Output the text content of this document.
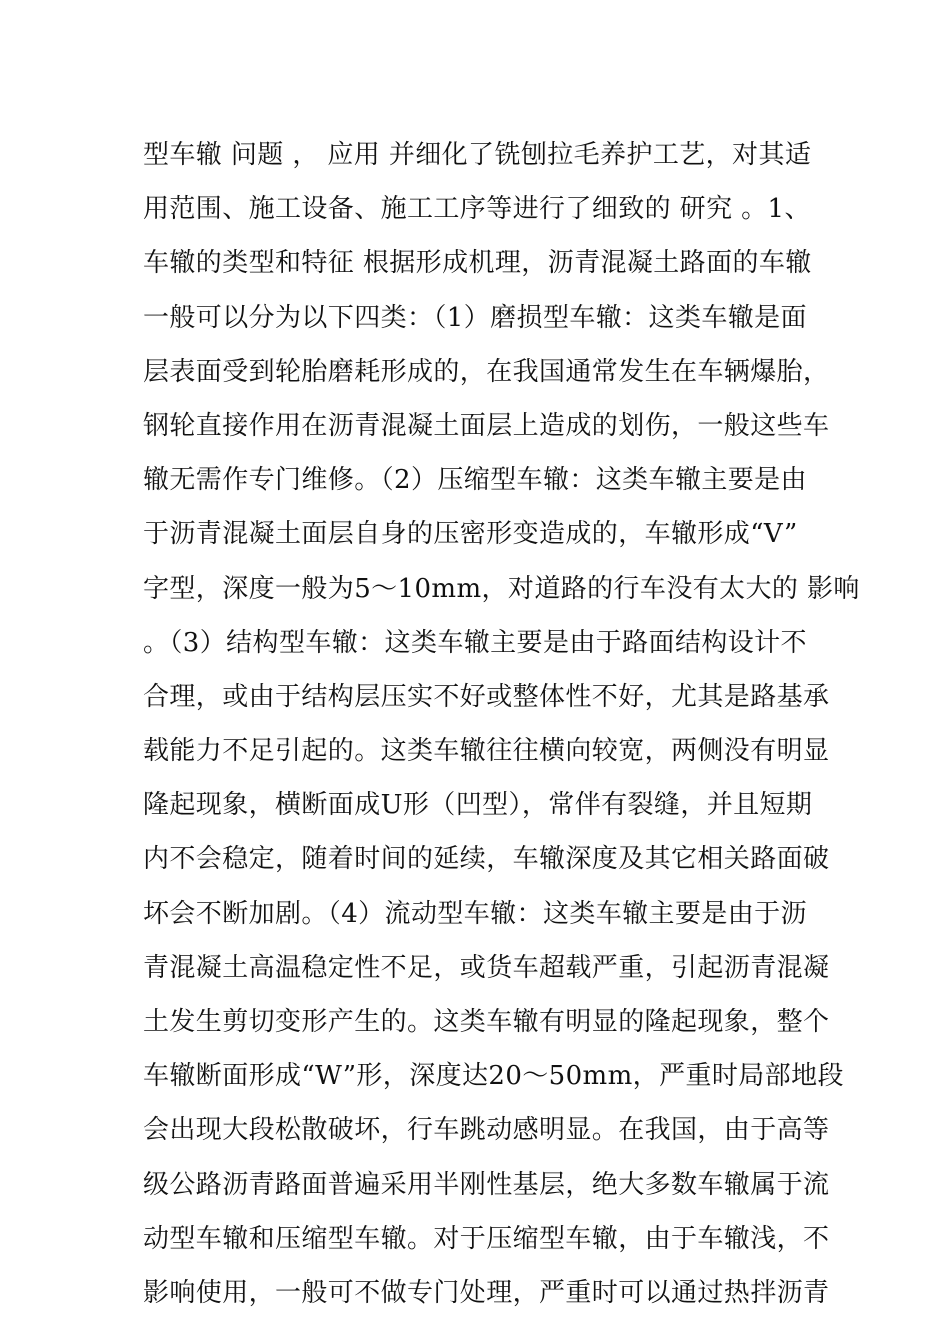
型车辙 问题 ， 应用 并细化了铣刨拉毛养护工艺，对其适
用范围、施工设备、施工工序等进行了细致的 研究 。1、
车辙的类型和特征 根据形成机理，沥青混凝土路面的车辙
一般可以分为以下四类：（1）磨损型车辙：这类车辙是面
层表面受到轮胎磨耗形成的，在我国通常发生在车辆爆胎，
钢轮直接作用在沥青混凝土面层上造成的划伤，一般这些车
辙无需作专门维修。（2）压缩型车辙：这类车辙主要是由
于沥青混凝土面层自身的压密形变造成的，车辙形成“V”
字型，深度一般为5～10mm，对道路的行车没有太大的 影响
。（3）结构型车辙：这类车辙主要是由于路面结构设计不
合理，或由于结构层压实不好或整体性不好，尤其是路基承
载能力不足引起的。这类车辙往往横向较宽，两侧没有明显
隆起现象，横断面成U形（凹型），常伴有裂缝，并且短期
内不会稳定，随着时间的延续，车辙深度及其它相关路面破
坏会不断加剧。（4）流动型车辙：这类车辙主要是由于沥
青混凝土高温稳定性不足，或货车超载严重，引起沥青混凝
土发生剪切变形产生的。这类车辙有明显的隆起现象，整个
车辙断面形成“W”形，深度达20～50mm，严重时局部地段
会出现大段松散破坏，行车跳动感明显。在我国，由于高等
级公路沥青路面普遍采用半刚性基层，绝大多数车辙属于流
动型车辙和压缩型车辙。对于压缩型车辙，由于车辙浅，不
影响使用，一般可不做专门处理，严重时可以通过热拌沥青
